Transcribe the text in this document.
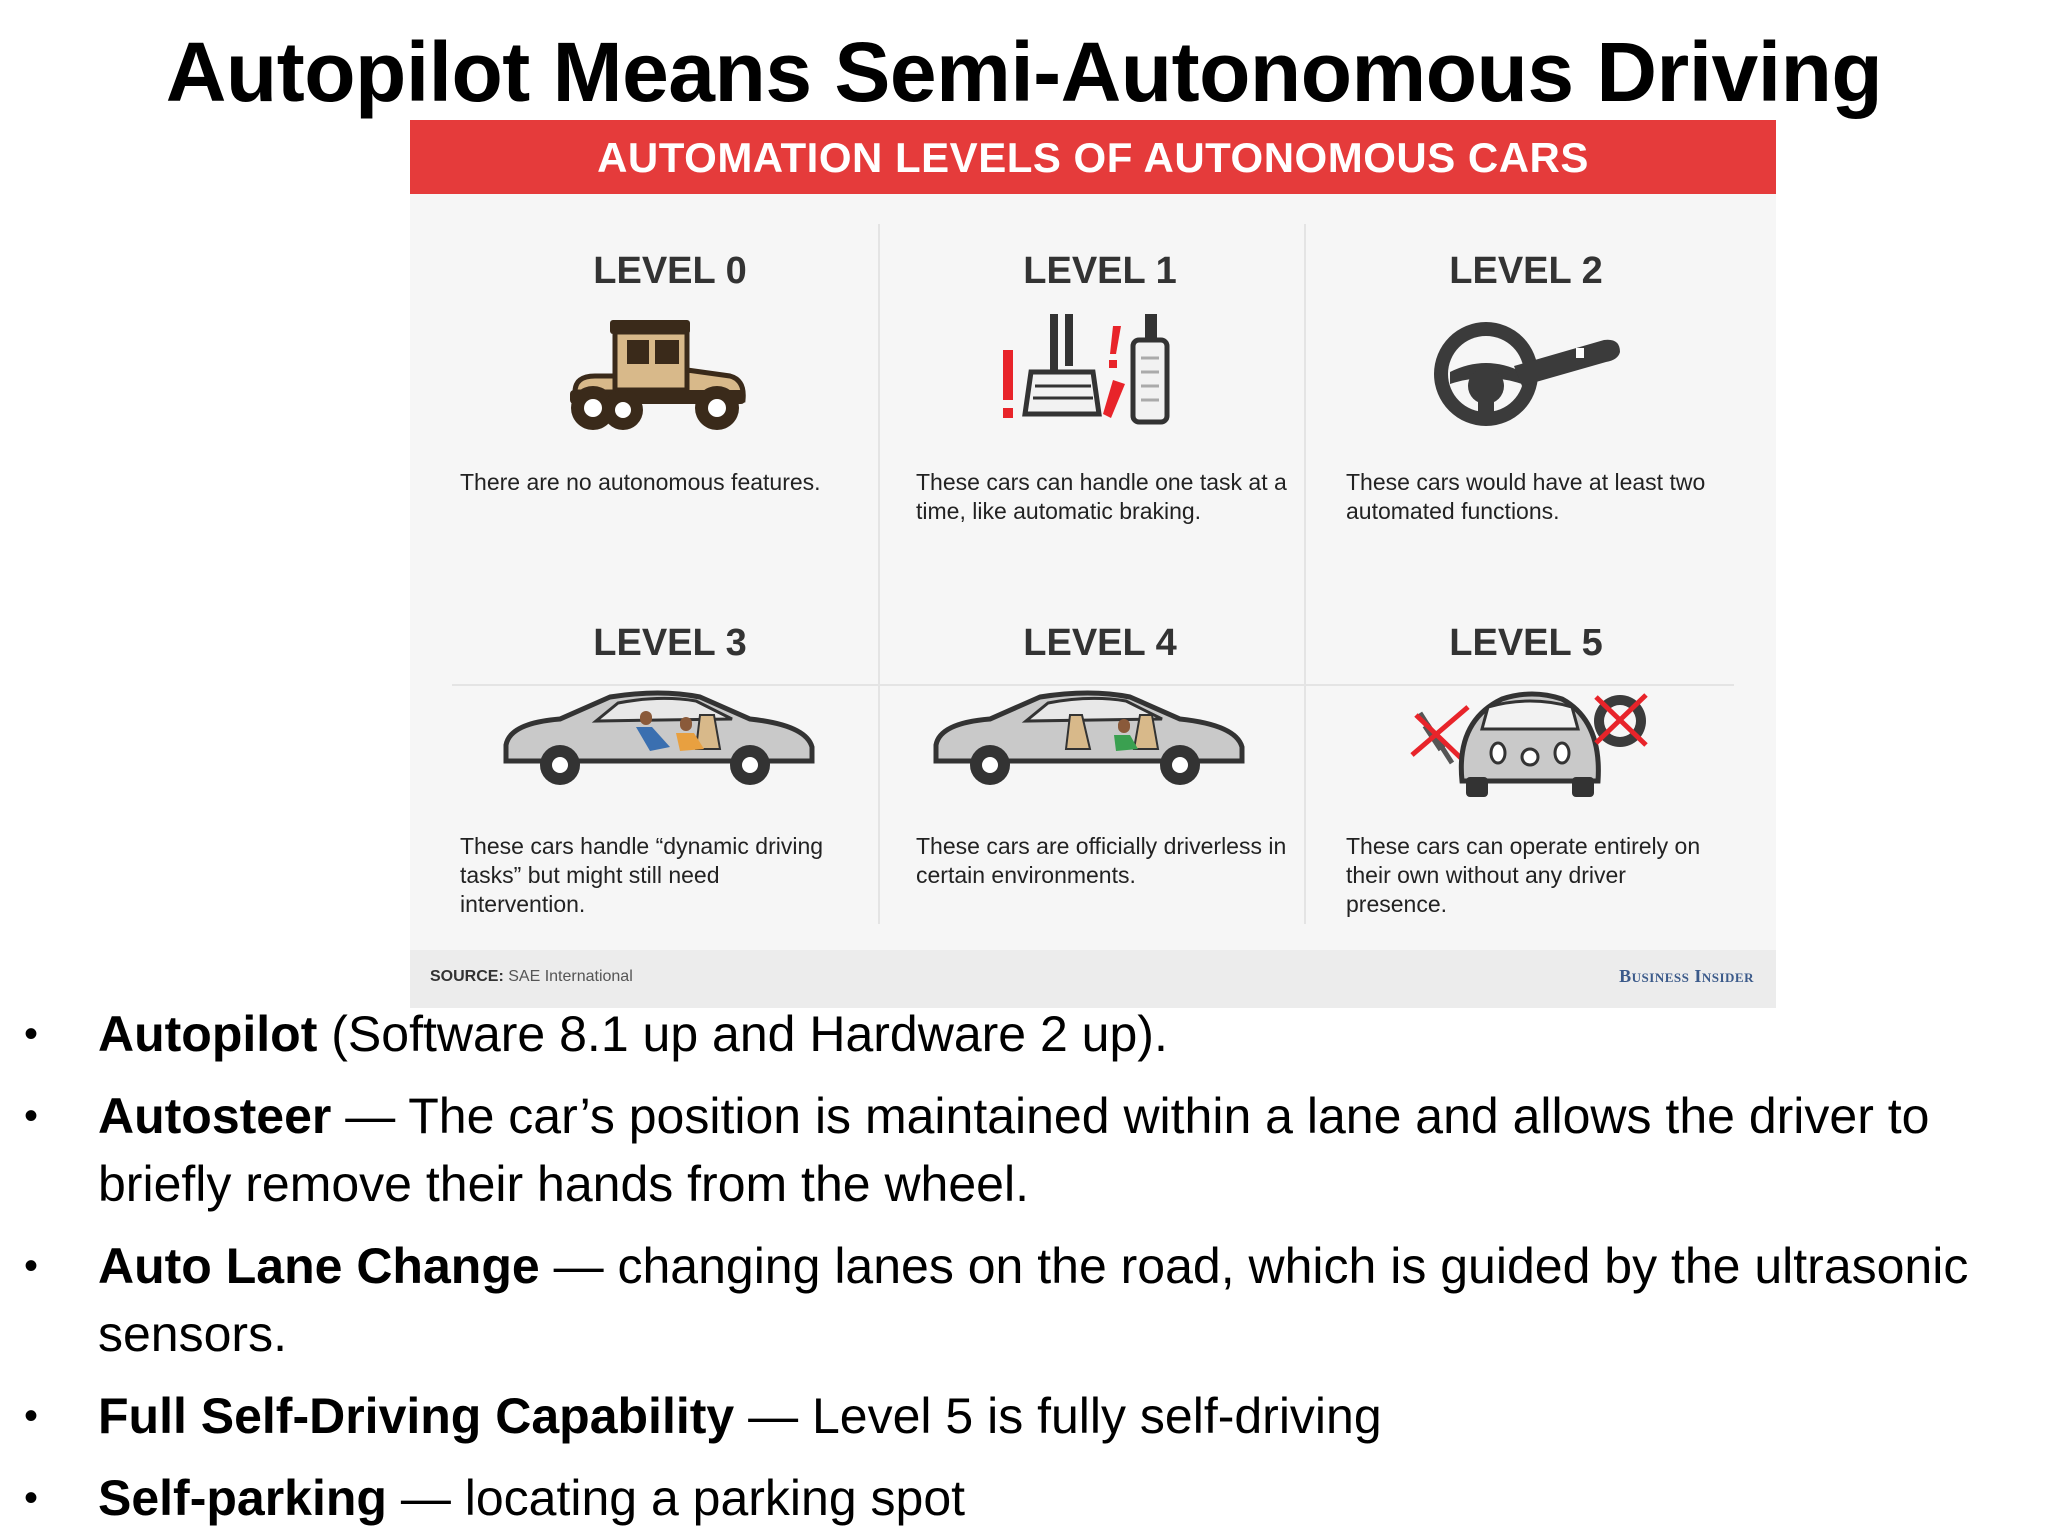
Autopilot Means Semi-Autonomous Driving
AUTOMATION LEVELS OF AUTONOMOUS CARS
LEVEL 0
There are no autonomous features.
LEVEL 1
These cars can handle one task at a time, like automatic braking.
LEVEL 2
These cars would have at least two automated functions.
LEVEL 3
These cars handle “dynamic driving tasks” but might still need intervention.
LEVEL 4
These cars are officially driverless in certain environments.
LEVEL 5
These cars can operate entirely on their own without any driver presence.
SOURCE: SAE International	Business Insider
• Autopilot (Software 8.1 up and Hardware 2 up).
• Autosteer — The car’s position is maintained within a lane and allows the driver to briefly remove their hands from the wheel.
• Auto Lane Change — changing lanes on the road, which is guided by the ultrasonic sensors.
• Full Self-Driving Capability — Level 5 is fully self-driving
• Self-parking — locating a parking spot
